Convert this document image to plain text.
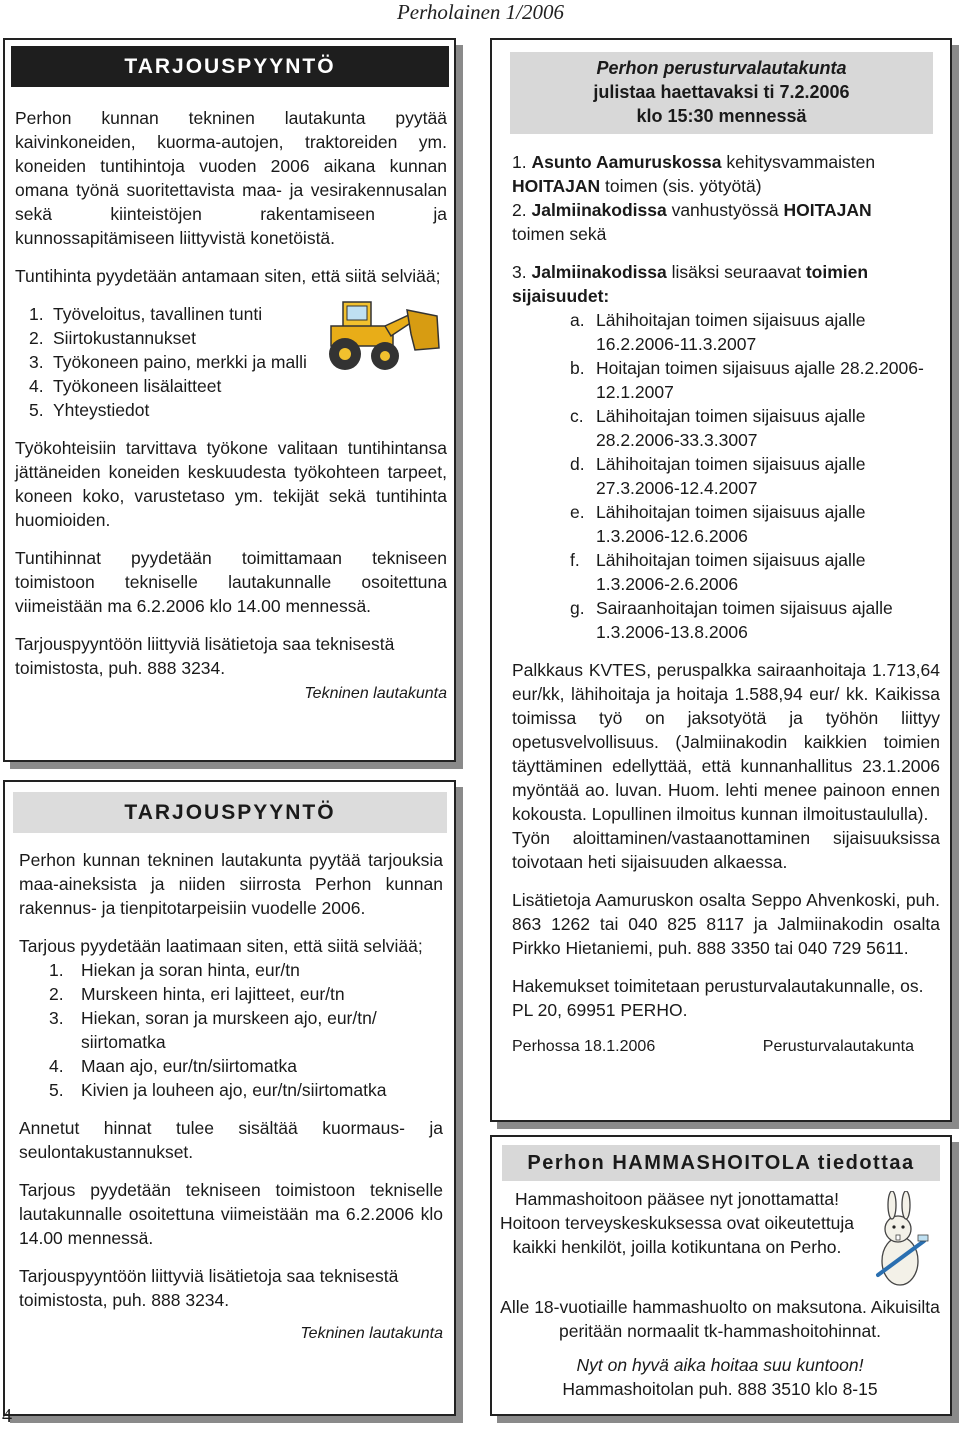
Perholainen 1/2006
TARJOUSPYYNTÖ

Perhon kunnan tekninen lautakunta pyytää kaivinkoneiden, kuorma-autojen, traktoreiden ym. koneiden tuntihintoja vuoden 2006 aikana kunnan omana työnä suoritettavista maa- ja vesirakennusalan sekä kiinteistöjen rakentamiseen ja kunnossapitämiseen liittyvistä konetöistä.

Tuntihinta pyydetään antamaan siten, että siitä selviää;

1. Työveloitus, tavallinen tunti
2. Siirtokustannukset
3. Työkoneen paino, merkki ja malli
4. Työkoneen lisälaitteet
5. Yhteystiedot

Työkohteisiin tarvittava työkone valitaan tuntihintansa jättäneiden koneiden keskuudesta työkohteen tarpeet, koneen koko, varustetaso ym. tekijät sekä tuntihinta huomioiden.

Tuntihinnat pyydetään toimittamaan tekniseen toimistoon tekniselle lautakunnalle osoitettuna viimeistään ma 6.2.2006 klo 14.00 mennessä.

Tarjouspyyntöön liittyviä lisätietoja saa teknisestä toimistosta, puh. 888 3234.

Tekninen lautakunta

TARJOUSPYYNTÖ

Perhon kunnan tekninen lautakunta pyytää tarjouksia maa-aineksista ja niiden siirrosta Perhon kunnan rakennus- ja tienpitotarpeisiin vuodelle 2006.

Tarjous pyydetään laatimaan siten, että siitä selviää;

1. Hiekan ja soran hinta, eur/tn
2. Murskeen hinta, eri lajitteet, eur/tn
3. Hiekan, soran ja murskeen ajo, eur/tn/ siirtomatka
4. Maan ajo, eur/tn/siirtomatka
5. Kivien ja louheen ajo, eur/tn/siirtomatka

Annetut hinnat tulee sisältää kuormaus- ja seulontakustannukset.

Tarjous pyydetään tekniseen toimistoon tekniselle lautakunnalle osoitettuna viimeistään ma 6.2.2006 klo 14.00 mennessä.

Tarjouspyyntöön liittyviä lisätietoja saa teknisestä toimistosta, puh. 888 3234.

Tekninen lautakunta

Perhon perusturvalautakunta
julistaa haettavaksi ti 7.2.2006
klo 15:30 mennessä

1. Asunto Aamuruskossa kehitysvammaisten
HOITAJAN toimen (sis. yötyötä)

2. Jalmiinakodissa vanhustyössä HOITAJAN
toimen sekä

3. Jalmiinakodissa lisäksi seuraavat toimien sijaisuudet:

a. Lähihoitajan toimen sijaisuus ajalle 16.2.2006-11.3.2007
b. Hoitajan toimen sijaisuus ajalle 28.2.2006-12.1.2007
c. Lähihoitajan toimen sijaisuus ajalle 28.2.2006-33.3.3007
d. Lähihoitajan toimen sijaisuus ajalle 27.3.2006-12.4.2007
e. Lähihoitajan toimen sijaisuus ajalle 1.3.2006-12.6.2006
f. Lähihoitajan toimen sijaisuus ajalle 1.3.2006-2.6.2006
g. Sairaanhoitajan toimen sijaisuus ajalle 1.3.2006-13.8.2006

Palkkaus KVTES, peruspalkka sairaanhoitaja 1.713,64 eur/kk, lähihoitaja ja hoitaja 1.588,94 eur/ kk. Kaikissa toimissa työ on jaksotyötä ja työhön liittyy opetusvelvollisuus. (Jalmiinakodin kaikkien toimien täyttäminen edellyttää, että kunnanhallitus 23.1.2006 myöntää ao. luvan. Huom. lehti menee painoon ennen kokousta. Lopullinen ilmoitus kunnan ilmoitustaululla).

Työn aloittaminen/vastaanottaminen sijaisuuksissa toivotaan heti sijaisuuden alkaessa.

Lisätietoja Aamuruskon osalta Seppo Ahvenkoski, puh. 863 1262 tai 040 825 8117 ja Jalmiinakodin osalta Pirkko Hietaniemi, puh. 888 3350 tai 040 729 5611.

Hakemukset toimitetaan perusturvalautakunnalle, os. PL 20, 69951 PERHO.

Perhossa 18.1.2006	Perusturvalautakunta
Perhon HAMMASHOITOLA tiedottaa

Hammashoitoon pääsee nyt jonottamatta! Hoitoon terveyskeskuksessa ovat oikeutettuja kaikki henkilöt, joilla kotikuntana on Perho.

Alle 18-vuotiaille hammashuolto on maksutona. Aikuisilta peritään normaalit tk-hammashoitohinnat.

Nyt on hyvä aika hoitaa suu kuntoon!

Hammashoitolan puh. 888 3510 klo 8-15

4
